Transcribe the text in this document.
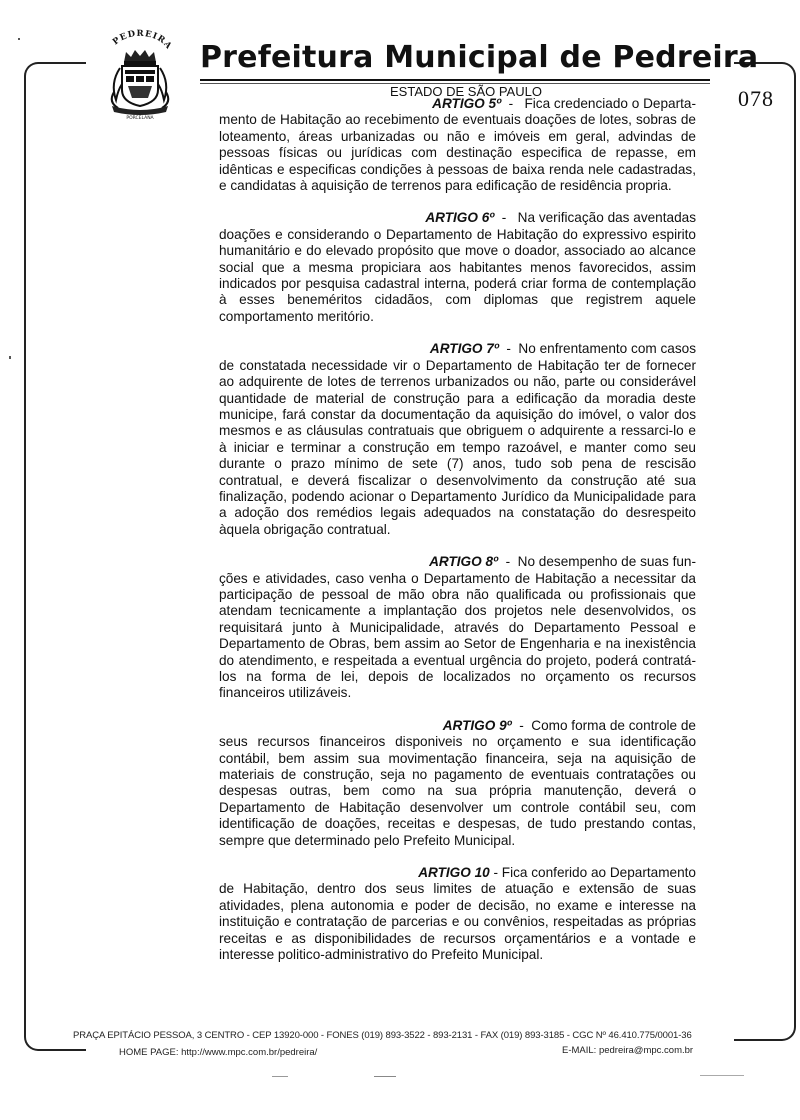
PEDREIRA
PORCELANA
Prefeitura Municipal de Pedreira
ESTADO DE SÃO PAULO	078
ARTIGO 5º  -   Fica credenciado o Departa-
mento de Habitação ao recebimento de eventuais doações de lotes, sobras de loteamento, áreas urbanizadas ou não e imóveis em geral, advindas de pessoas físicas ou jurídicas com destinação especifica de repasse, em idênticas e especificas condições à pessoas de baixa renda nele cadastradas, e candidatas à aquisição de terrenos para edificação de residência propria.
ARTIGO 6º  -   Na verificação das aventadas
doações e considerando o Departamento de Habitação do expressivo espirito humanitário e do elevado propósito que move o doador, associado ao alcance social que a mesma propiciara aos habitantes menos favorecidos, assim indicados por pesquisa cadastral interna, poderá criar forma de contemplação à esses beneméritos cidadãos, com diplomas que registrem aquele comportamento meritório.
ARTIGO 7º  -  No enfrentamento com casos
de constatada necessidade vir o Departamento de Habitação ter de fornecer ao adquirente de lotes de terrenos urbanizados ou não, parte ou considerável quantidade de material de construção para a edificação da moradia deste municipe, fará constar da documentação da aquisição do imóvel, o valor dos mesmos e as cláusulas contratuais que obriguem o adquirente a ressarci-lo e à iniciar e terminar a construção em tempo razoável, e manter como seu durante o prazo mínimo de sete (7) anos, tudo sob pena de rescisão contratual, e deverá fiscalizar o desenvolvimento da construção até sua finalização, podendo acionar o Departamento Jurídico da Municipalidade para a adoção dos remédios legais adequados na constatação do desrespeito àquela obrigação contratual.
ARTIGO 8º  -  No desempenho de suas fun-
ções e atividades, caso venha o Departamento de Habitação a necessitar da participação de pessoal de mão obra não qualificada ou profissionais que atendam tecnicamente a implantação dos projetos nele desenvolvidos, os requisitará junto à Municipalidade, através do Departamento Pessoal e Departamento de Obras, bem assim ao Setor de Engenharia e na inexistência do atendimento, e respeitada a eventual urgência do projeto, poderá contratá-los na forma de lei, depois de localizados no orçamento os recursos financeiros utilizáveis.
ARTIGO 9º  -  Como forma de controle de
seus recursos financeiros disponiveis no orçamento e sua identificação contábil, bem assim sua movimentação financeira, seja na aquisição de materiais de construção, seja no pagamento de eventuais contratações ou despesas outras, bem como na sua própria manutenção, deverá o Departamento de Habitação desenvolver um controle contábil seu, com identificação de doações, receitas e despesas, de tudo prestando contas, sempre que determinado pelo Prefeito Municipal.
ARTIGO 10 - Fica conferido ao Departamento
de Habitação, dentro dos seus limites de atuação e extensão de suas atividades, plena autonomia e poder de decisão, no exame e interesse na instituição e contratação de parcerias e ou convênios, respeitadas as próprias receitas e as disponibilidades de recursos orçamentários e a vontade e interesse politico-administrativo do Prefeito Municipal.
PRAÇA EPITÁCIO PESSOA, 3 CENTRO - CEP 13920-000 - FONES (019) 893-3522 - 893-2131 - FAX (019) 893-3185 - CGC Nº 46.410.775/0001-36
HOME PAGE: http://www.mpc.com.br/pedreira/	E-MAIL: pedreira@mpc.com.br
